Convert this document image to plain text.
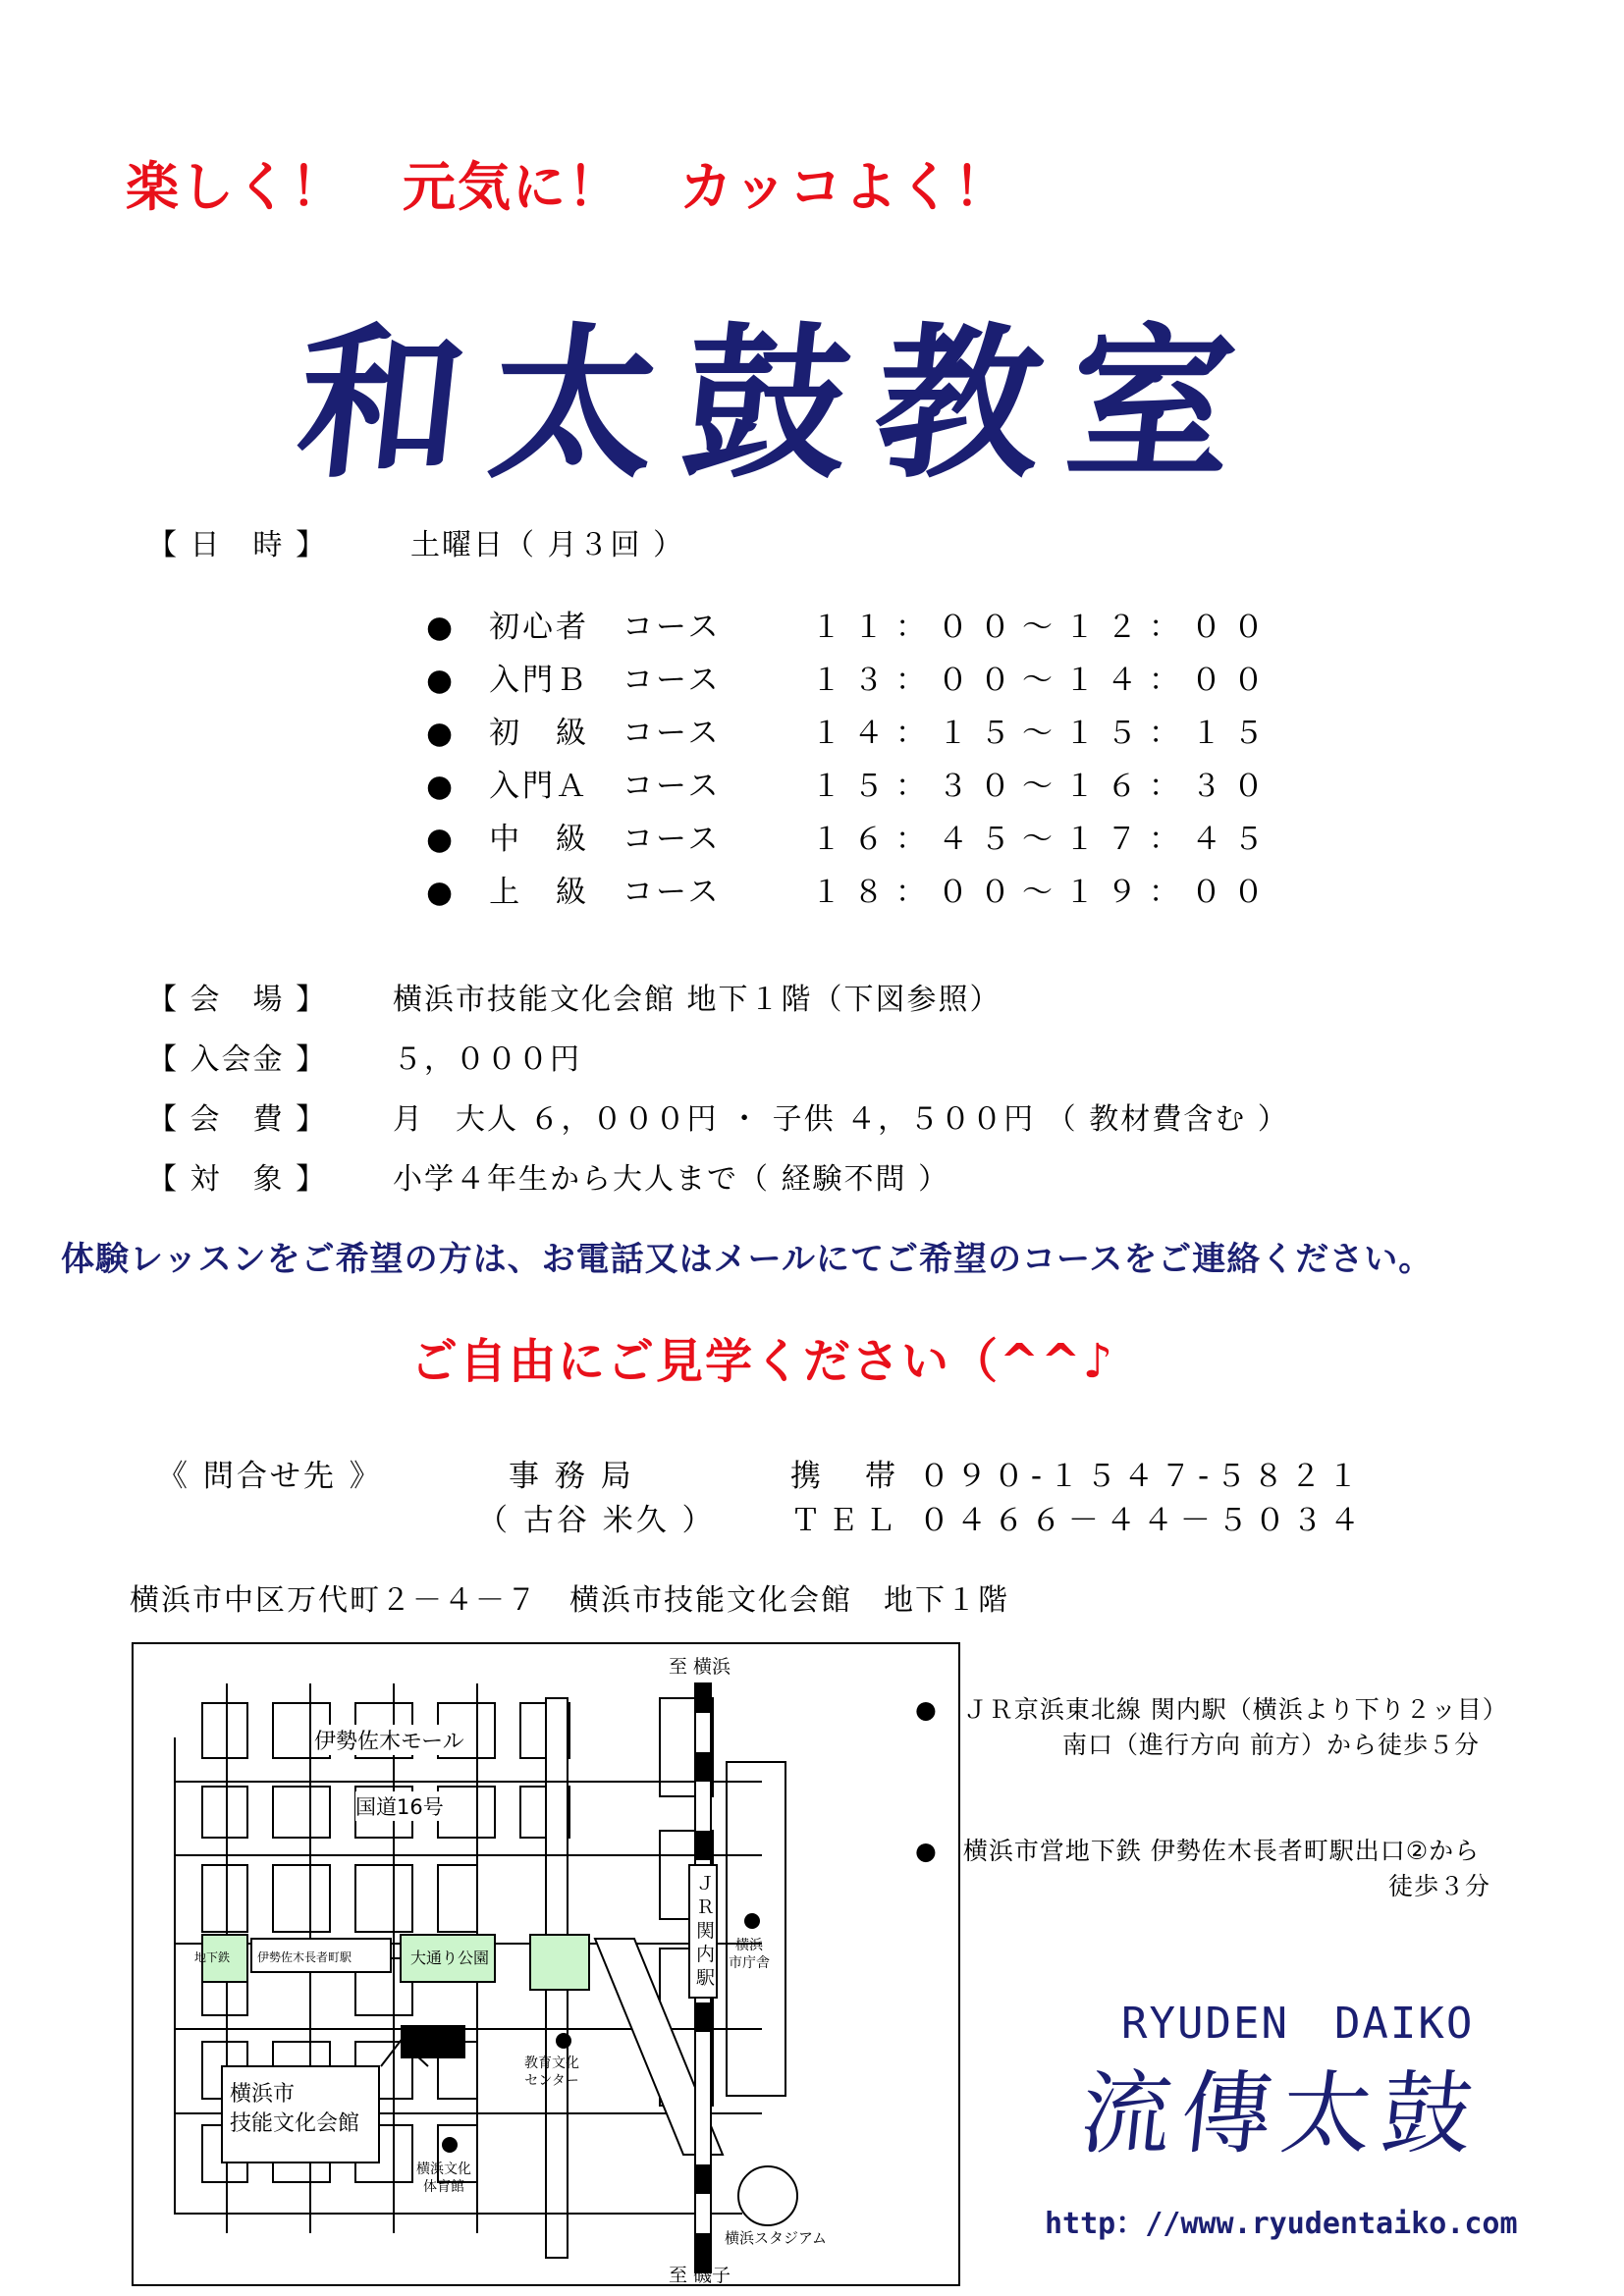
楽しく！ 元気に！ カッコよく！
和太鼓教室
【 日　時 】	土曜日（ 月３回 ）
●　 初心者　コース	１１：００～１２：００
●　 入門Ｂ　コース	１３：００～１４：００
●　 初　級　コース	１４：１５～１５：１５
●　 入門Ａ　コース	１５：３０～１６：３０
●　 中　級　コース	１６：４５～１７：４５
●　 上　級　コース	１８：００～１９：００
【 会　場 】 横浜市技能文化会館 地下１階（下図参照）
【 入会金 】 ５，０００円
【 会　費 】 月　大人 ６，０００円 ・ 子供 ４，５００円 （ 教材費含む ）
【 対　象 】 小学４年生から大人まで（ 経験不問 ）
体験レッスンをご希望の方は、お電話又はメールにてご希望のコースをご連絡ください。
ご自由にご見学ください（^^♪
《 問合せ先 》	事 務 局
（ 古谷 米久 ）
携　帯 ０９０-１５４７-５８２１
ＴＥＬ ０４６６－４４－５０３４
横浜市中区万代町２－４－７　横浜市技能文化会館　地下１階
至 横浜
至 磯子
伊勢佐木モール
国道16号
地下鉄 伊勢佐木長者町駅	大通り公園
Ｊ
Ｒ
関
内
駅
横浜
市庁舎
教育文化
センター
横浜市
技能文化会館
横浜文化
体育館
横浜スタジアム
●　ＪＲ京浜東北線 関内駅（横浜より下り２ッ目）
南口（進行方向 前方）から徒歩５分
●　横浜市営地下鉄 伊勢佐木長者町駅出口②から
徒歩３分
RYUDEN　DAIKO
流傳太鼓
http：//www.ryudentaiko.com
